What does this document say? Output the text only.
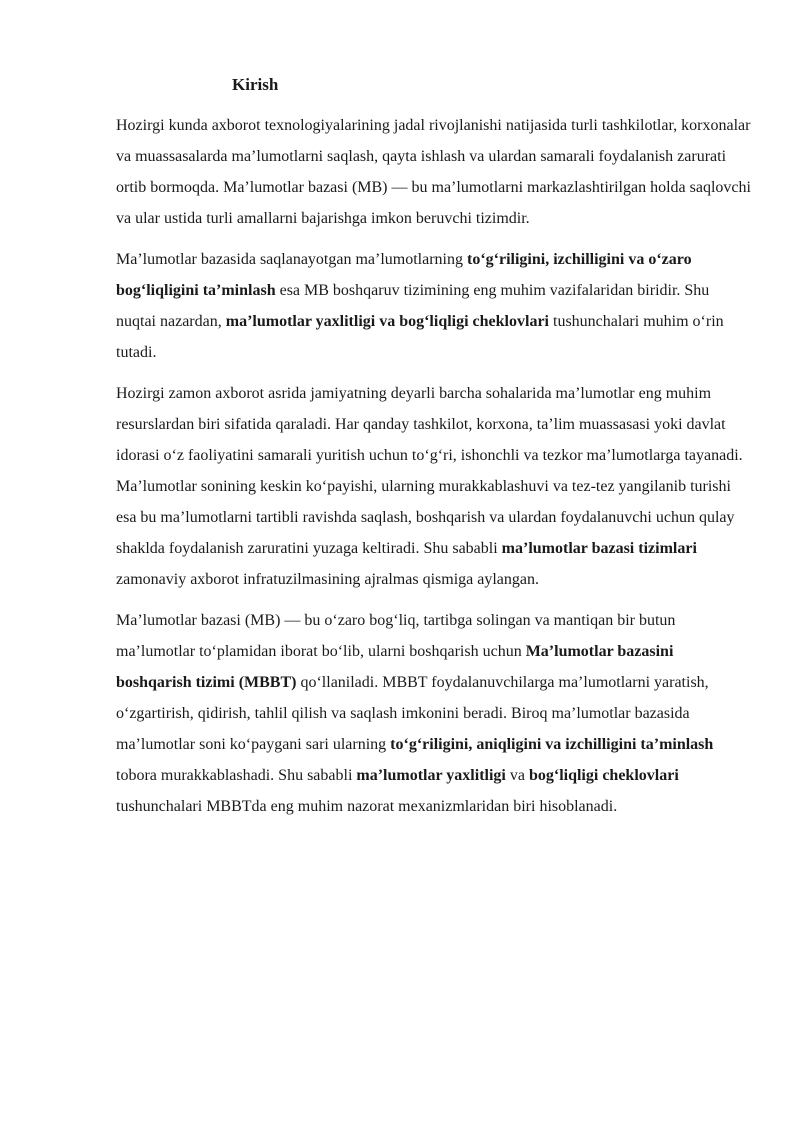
Kirish

Hozirgi kunda axborot texnologiyalarining jadal rivojlanishi natijasida turli tashkilotlar, korxonalar va muassasalarda ma’lumotlarni saqlash, qayta ishlash va ulardan samarali foydalanish zarurati ortib bormoqda. Ma’lumotlar bazasi (MB) — bu ma’lumotlarni markazlashtirilgan holda saqlovchi va ular ustida turli amallarni bajarishga imkon beruvchi tizimdir.

Ma’lumotlar bazasida saqlanayotgan ma’lumotlarning to‘g‘riligini, izchilligini va o‘zaro bog‘liqligini ta’minlash esa MB boshqaruv tizimining eng muhim vazifalaridan biridir. Shu nuqtai nazardan, ma’lumotlar yaxlitligi va bog‘liqligi cheklovlari tushunchalari muhim o‘rin tutadi.

Hozirgi zamon axborot asrida jamiyatning deyarli barcha sohalarida ma’lumotlar eng muhim resurslardan biri sifatida qaraladi. Har qanday tashkilot, korxona, ta’lim muassasasi yoki davlat idorasi o‘z faoliyatini samarali yuritish uchun to‘g‘ri, ishonchli va tezkor ma’lumotlarga tayanadi. Ma’lumotlar sonining keskin ko‘payishi, ularning murakkablashuvi va tez-tez yangilanib turishi esa bu ma’lumotlarni tartibli ravishda saqlash, boshqarish va ulardan foydalanuvchi uchun qulay shaklda foydalanish zaruratini yuzaga keltiradi. Shu sababli ma’lumotlar bazasi tizimlari zamonaviy axborot infratuzilmasining ajralmas qismiga aylangan.

Ma’lumotlar bazasi (MB) — bu o‘zaro bog‘liq, tartibga solingan va mantiqan bir butun ma’lumotlar to‘plamidan iborat bo‘lib, ularni boshqarish uchun Ma’lumotlar bazasini boshqarish tizimi (MBBT) qo‘llaniladi. MBBT foydalanuvchilarga ma’lumotlarni yaratish, o‘zgartirish, qidirish, tahlil qilish va saqlash imkonini beradi. Biroq ma’lumotlar bazasida ma’lumotlar soni ko‘paygani sari ularning to‘g‘riligini, aniqligini va izchilligini ta’minlash tobora murakkablashadi. Shu sababli ma’lumotlar yaxlitligi va bog‘liqligi cheklovlari tushunchalari MBBTda eng muhim nazorat mexanizmlaridan biri hisoblanadi.
